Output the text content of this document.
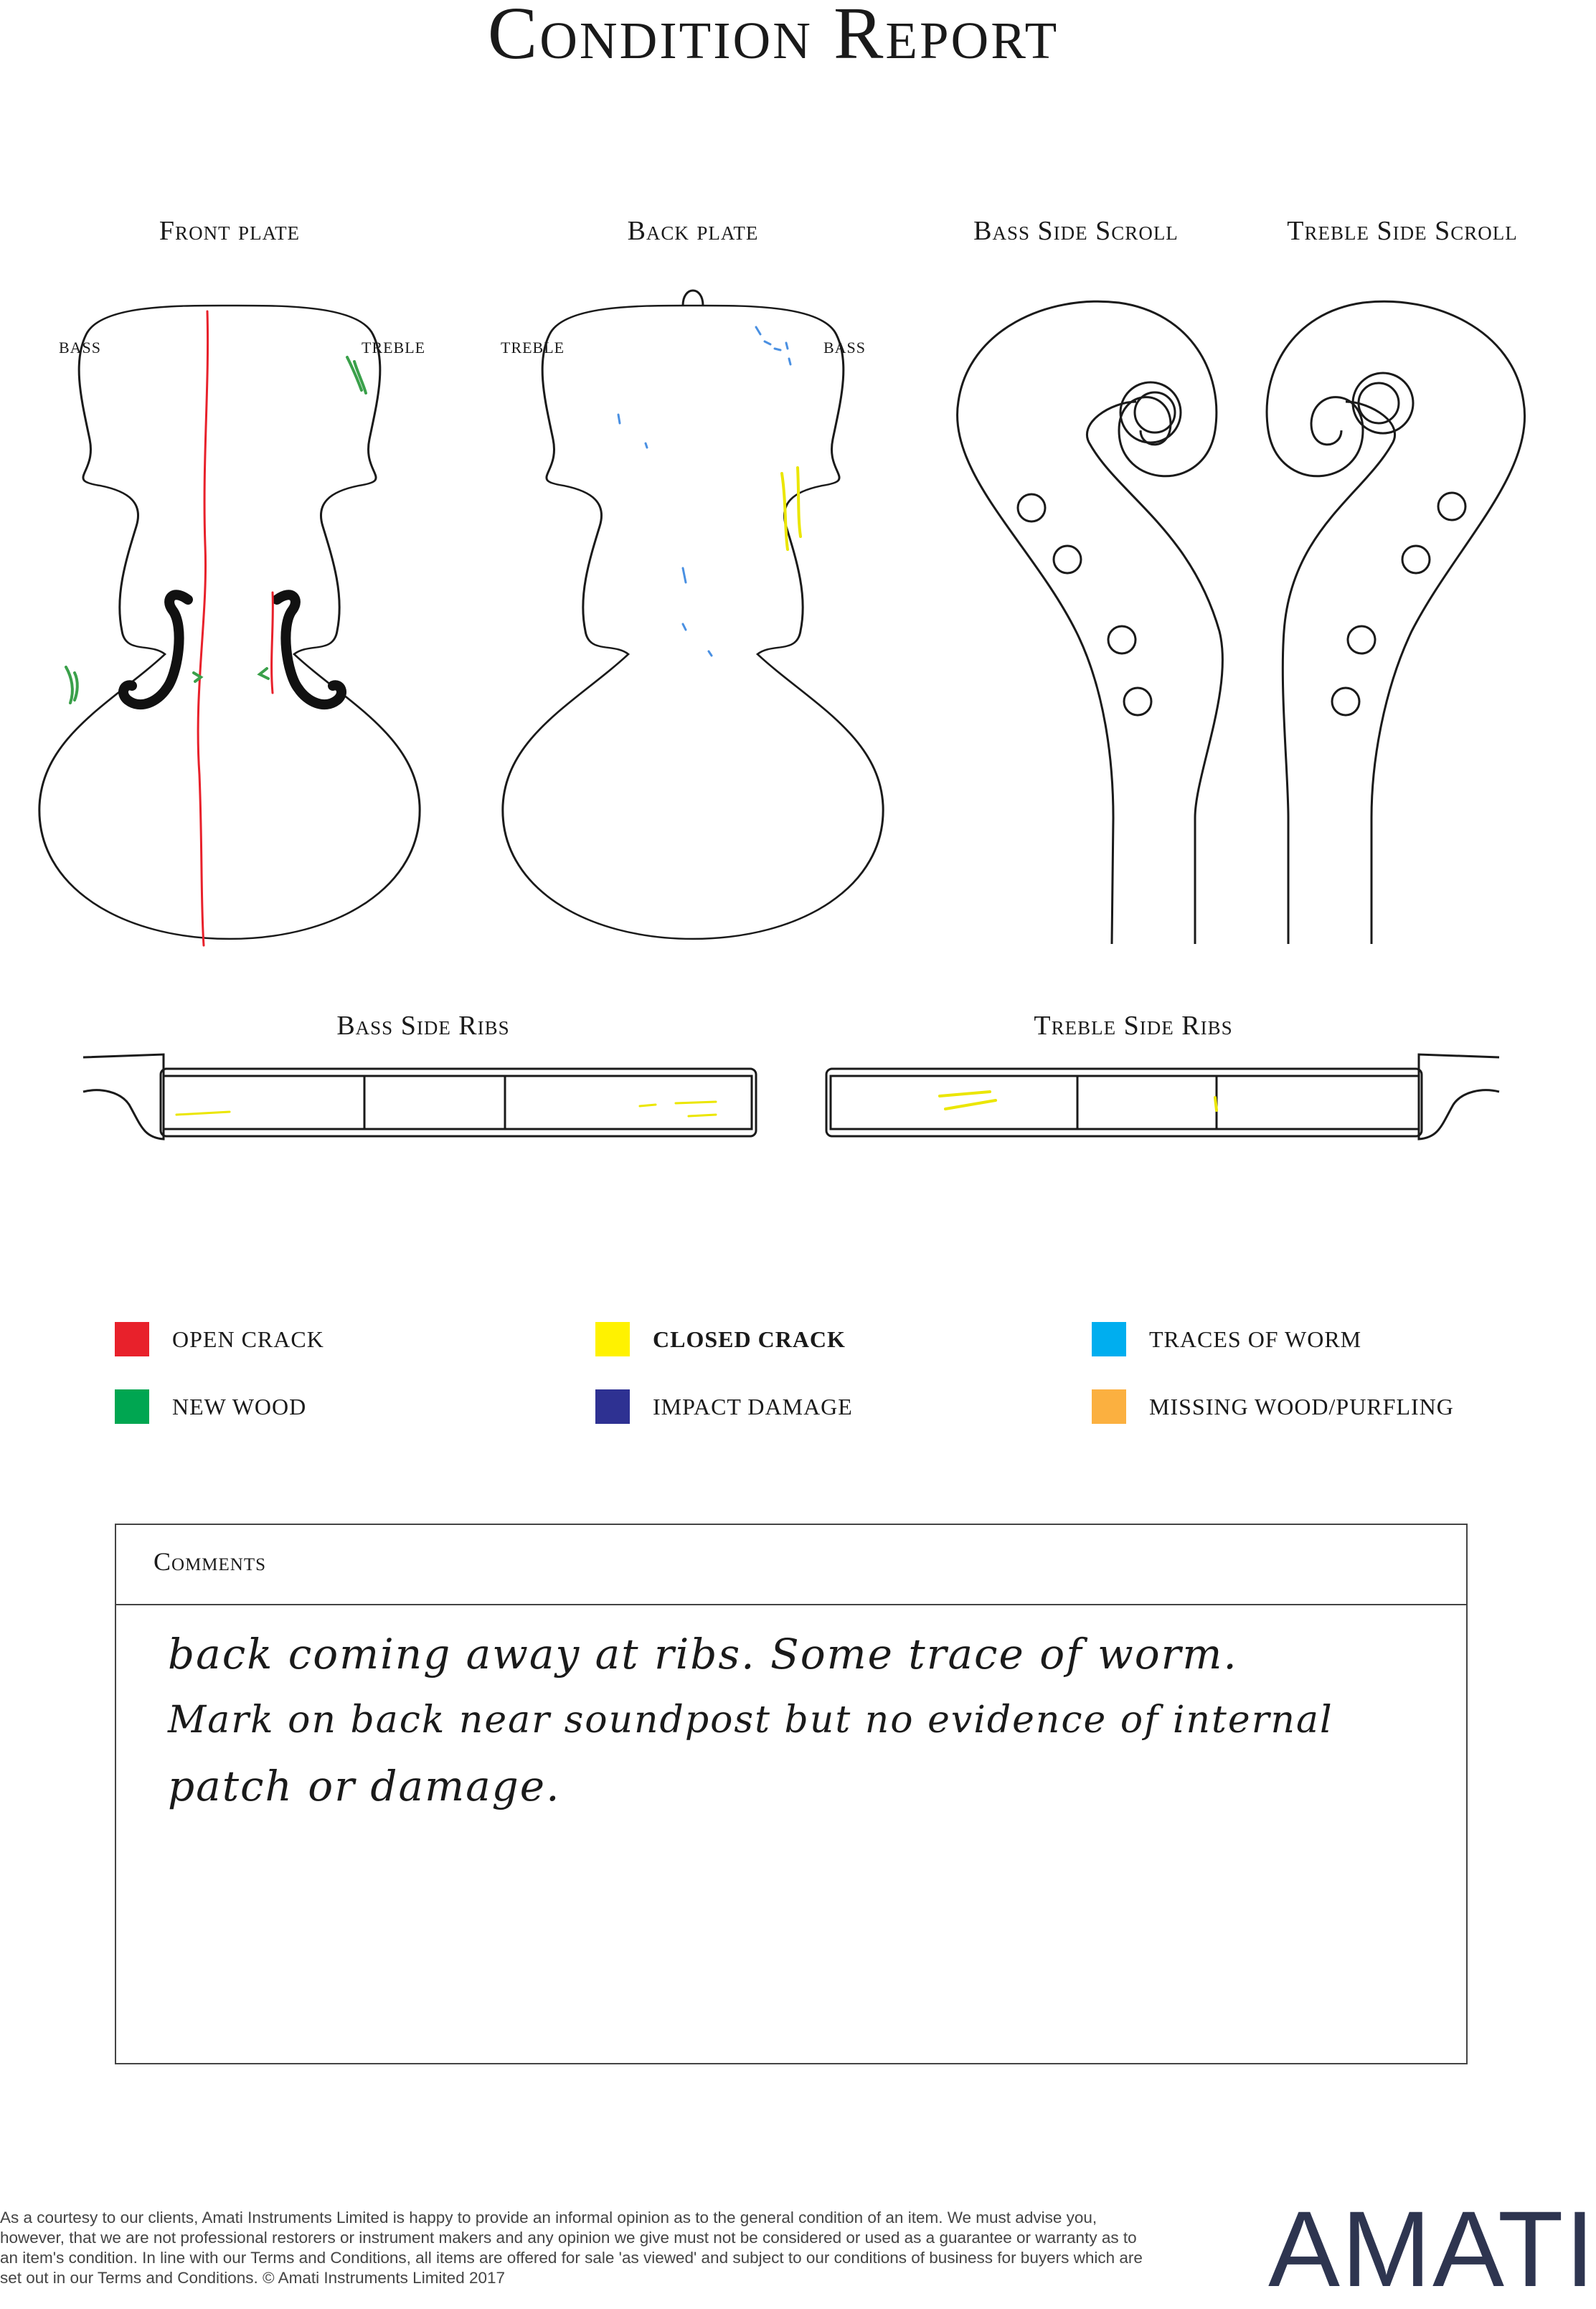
Condition Report
Front plate	Back plate	Bass Side Scroll	Treble Side Scroll
Bass Side Ribs	Treble Side Ribs
BASS	TREBLE	TREBLE	BASS
OPEN CRACK	CLOSED CRACK	TRACES OF WORM
NEW WOOD	IMPACT DAMAGE	MISSING WOOD/PURFLING
Comments
back coming away at ribs. Some trace of worm.
Mark on back near soundpost but no evidence of internal
patch or damage.
As a courtesy to our clients, Amati Instruments Limited is happy to provide an informal opinion as to the general condition of an item. We must advise you, however, that we are not professional restorers or instrument makers and any opinion we give must not be considered or used as a guarantee or warranty as to an item's condition. In line with our Terms and Conditions, all items are offered for sale 'as viewed' and subject to our conditions of business for buyers which are set out in our Terms and Conditions. © Amati Instruments Limited 2017	AMATI
